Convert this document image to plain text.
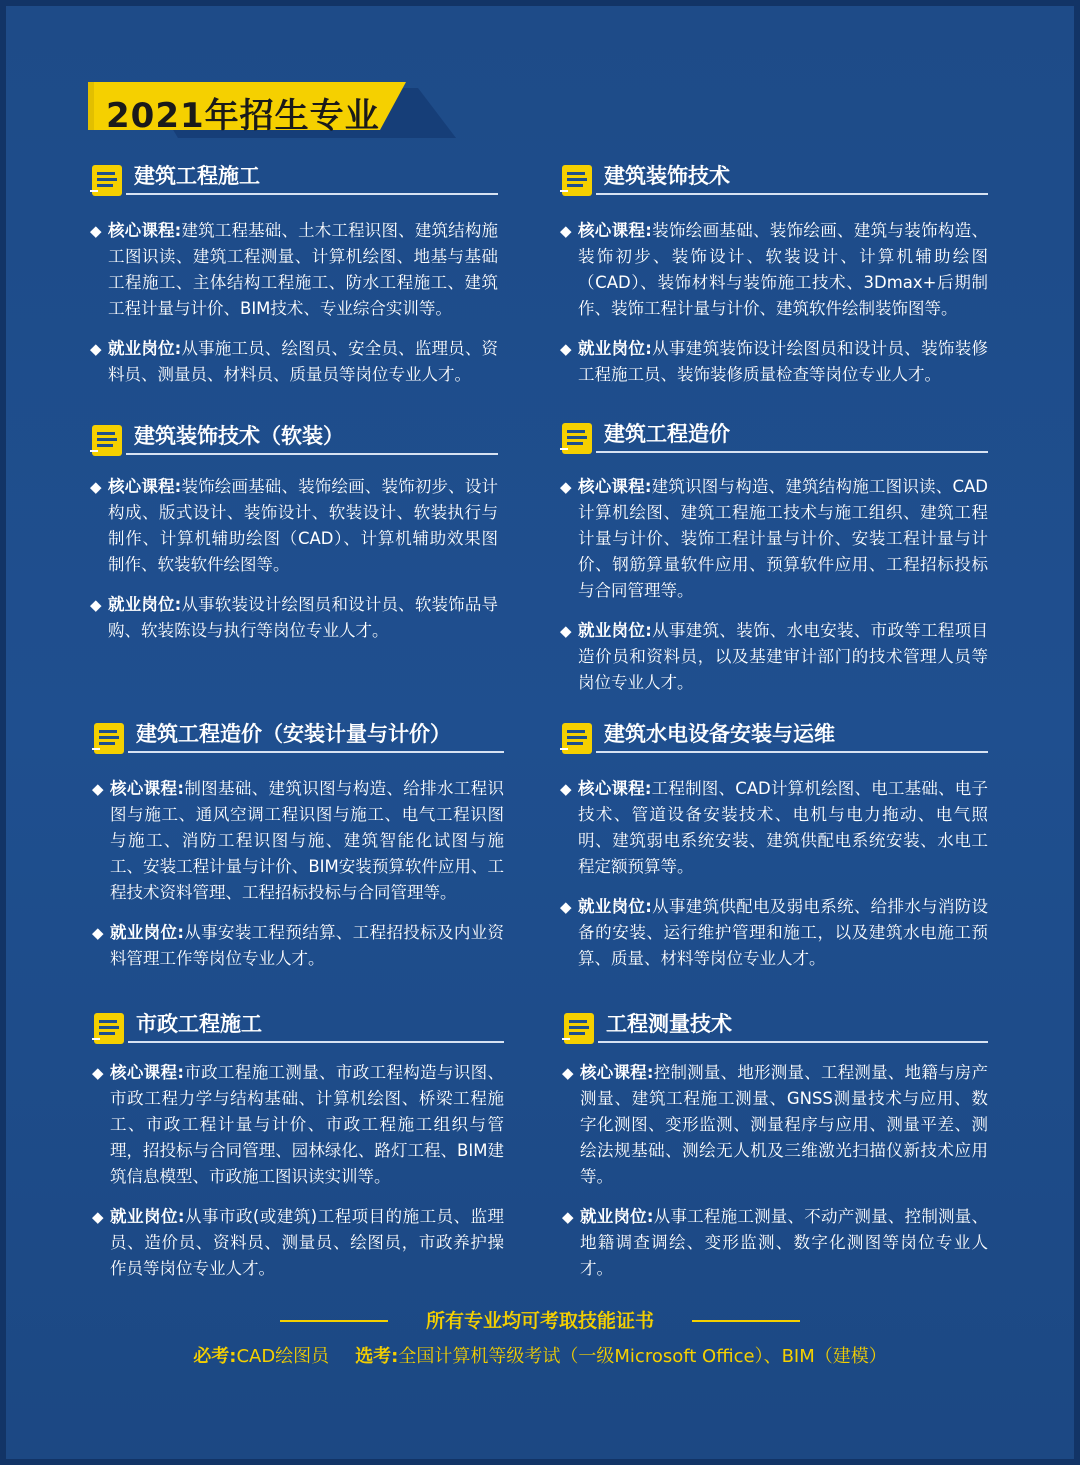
2021年招生专业
建筑工程施工

◆ 核心课程:建筑工程基础、土木工程识图、建筑结构施工图识读、建筑工程测量、计算机绘图、地基与基础工程施工、主体结构工程施工、防水工程施工、建筑工程计量与计价、BIM技术、专业综合实训等。

◆ 就业岗位:从事施工员、绘图员、安全员、监理员、资料员、测量员、材料员、质量员等岗位专业人才。

建筑装饰技术

◆ 核心课程:装饰绘画基础、装饰绘画、建筑与装饰构造、装饰初步、装饰设计、软装设计、计算机辅助绘图（CAD）、装饰材料与装饰施工技术、3Dmax+后期制作、装饰工程计量与计价、建筑软件绘制装饰图等。

◆ 就业岗位:从事建筑装饰设计绘图员和设计员、装饰装修工程施工员、装饰装修质量检查等岗位专业人才。

建筑装饰技术（软装）

◆ 核心课程:装饰绘画基础、装饰绘画、装饰初步、设计构成、版式设计、装饰设计、软装设计、软装执行与制作、计算机辅助绘图（CAD）、计算机辅助效果图制作、软装软件绘图等。

◆ 就业岗位:从事软装设计绘图员和设计员、软装饰品导购、软装陈设与执行等岗位专业人才。

建筑工程造价

◆ 核心课程:建筑识图与构造、建筑结构施工图识读、CAD计算机绘图、建筑工程施工技术与施工组织、建筑工程计量与计价、装饰工程计量与计价、安装工程计量与计价、钢筋算量软件应用、预算软件应用、工程招标投标与合同管理等。

◆ 就业岗位:从事建筑、装饰、水电安装、市政等工程项目造价员和资料员，以及基建审计部门的技术管理人员等岗位专业人才。

建筑工程造价（安装计量与计价）

◆ 核心课程:制图基础、建筑识图与构造、给排水工程识图与施工、通风空调工程识图与施工、电气工程识图与施工、消防工程识图与施、建筑智能化试图与施工、安装工程计量与计价、BIM安装预算软件应用、工程技术资料管理、工程招标投标与合同管理等。

◆ 就业岗位:从事安装工程预结算、工程招投标及内业资料管理工作等岗位专业人才。

建筑水电设备安装与运维

◆ 核心课程:工程制图、CAD计算机绘图、电工基础、电子技术、管道设备安装技术、电机与电力拖动、电气照明、建筑弱电系统安装、建筑供配电系统安装、水电工程定额预算等。

◆ 就业岗位:从事建筑供配电及弱电系统、给排水与消防设备的安装、运行维护管理和施工，以及建筑水电施工预算、质量、材料等岗位专业人才。

市政工程施工

◆ 核心课程:市政工程施工测量、市政工程构造与识图、市政工程力学与结构基础、计算机绘图、桥梁工程施工、市政工程计量与计价、市政工程施工组织与管理，招投标与合同管理、园林绿化、路灯工程、BIM建筑信息模型、市政施工图识读实训等。

◆ 就业岗位:从事市政(或建筑)工程项目的施工员、监理员、造价员、资料员、测量员、绘图员，市政养护操作员等岗位专业人才。

工程测量技术

◆ 核心课程:控制测量、地形测量、工程测量、地籍与房产测量、建筑工程施工测量、GNSS测量技术与应用、数字化测图、变形监测、测量程序与应用、测量平差、测绘法规基础、测绘无人机及三维激光扫描仪新技术应用等。

◆ 就业岗位:从事工程施工测量、不动产测量、控制测量、地籍调查调绘、变形监测、数字化测图等岗位专业人才。

所有专业均可考取技能证书
必考:CAD绘图员 选考:全国计算机等级考试（一级Microsoft Office）、BIM（建模）
